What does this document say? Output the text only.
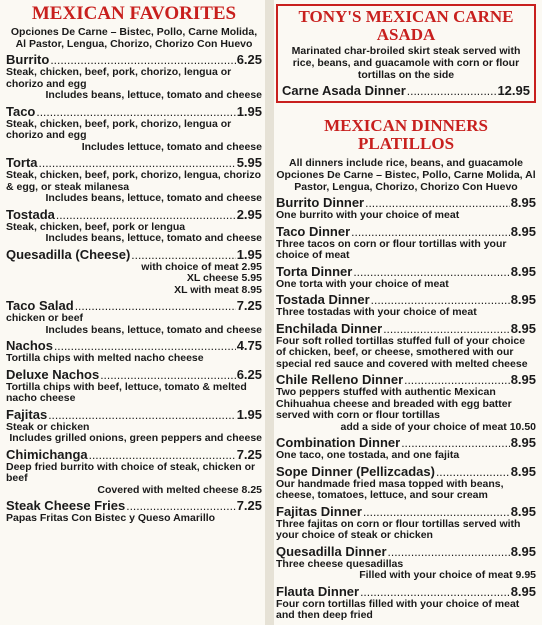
MEXICAN FAVORITES

Opciones De Carne – Bistec, Pollo, Carne Molida, Al Pastor, Lengua, Chorizo, Chorizo Con Huevo

Burrito .....	6.25

Steak, chicken, beef, pork, chorizo, lengua or chorizo and egg

Includes beans, lettuce, tomato and cheese

Taco .....	1.95

Steak, chicken, beef, pork, chorizo, lengua or chorizo and egg

Includes lettuce, tomato and cheese

Torta .....	5.95

Steak, chicken, beef, pork, chorizo, lengua, chorizo & egg, or steak milanesa

Includes beans, lettuce, tomato and cheese

Tostada .....	2.95

Steak, chicken, beef, pork or lengua

Includes beans, lettuce, tomato and cheese

Quesadilla (Cheese) .....	1.95

with choice of meat 2.95

XL cheese 5.95

XL with meat 8.95

Taco Salad .....	7.25

chicken or beef

Includes beans, lettuce, tomato and cheese

Nachos .....	4.75

Tortilla chips with melted nacho cheese

Deluxe Nachos .....	6.25

Tortilla chips with beef, lettuce, tomato & melted nacho cheese

Fajitas .....	1.95

Steak or chicken

Includes grilled onions, green peppers and cheese

Chimichanga .....	7.25

Deep fried burrito with choice of steak, chicken or beef

Covered with melted cheese 8.25

Steak Cheese Fries .....	7.25

Papas Fritas Con Bistec y Queso Amarillo

TONY'S MEXICAN CARNE ASADA

Marinated char-broiled skirt steak served with rice, beans, and guacamole with corn or flour tortillas on the side

Carne Asada Dinner .....	12.95
MEXICAN DINNERS PLATILLOS

All dinners include rice, beans, and guacamole Opciones De Carne – Bistec, Pollo, Carne Molida, Al Pastor, Lengua, Chorizo, Chorizo Con Huevo

Burrito Dinner .....	8.95

One burrito with your choice of meat

Taco Dinner .....	8.95

Three tacos on corn or flour tortillas with your choice of meat

Torta Dinner .....	8.95

One torta with your choice of meat

Tostada Dinner .....	8.95

Three tostadas with your choice of meat

Enchilada Dinner .....	8.95

Four soft rolled tortillas stuffed full of your choice of chicken, beef, or cheese, smothered with our special red sauce and covered with melted cheese

Chile Relleno Dinner .....	8.95

Two peppers stuffed with authentic Mexican Chihuahua cheese and breaded with egg batter served with corn or flour tortillas

add a side of your choice of meat 10.50

Combination Dinner .....	8.95

One taco, one tostada, and one fajita

Sope Dinner (Pellizcadas) .....	8.95

Our handmade fried masa topped with beans, cheese, tomatoes, lettuce, and sour cream

Fajitas Dinner .....	8.95

Three fajitas on corn or flour tortillas served with your choice of steak or chicken

Quesadilla Dinner .....	8.95

Three cheese quesadillas

Filled with your choice of meat 9.95

Flauta Dinner .....	8.95

Four corn tortillas filled with your choice of meat and then deep fried
